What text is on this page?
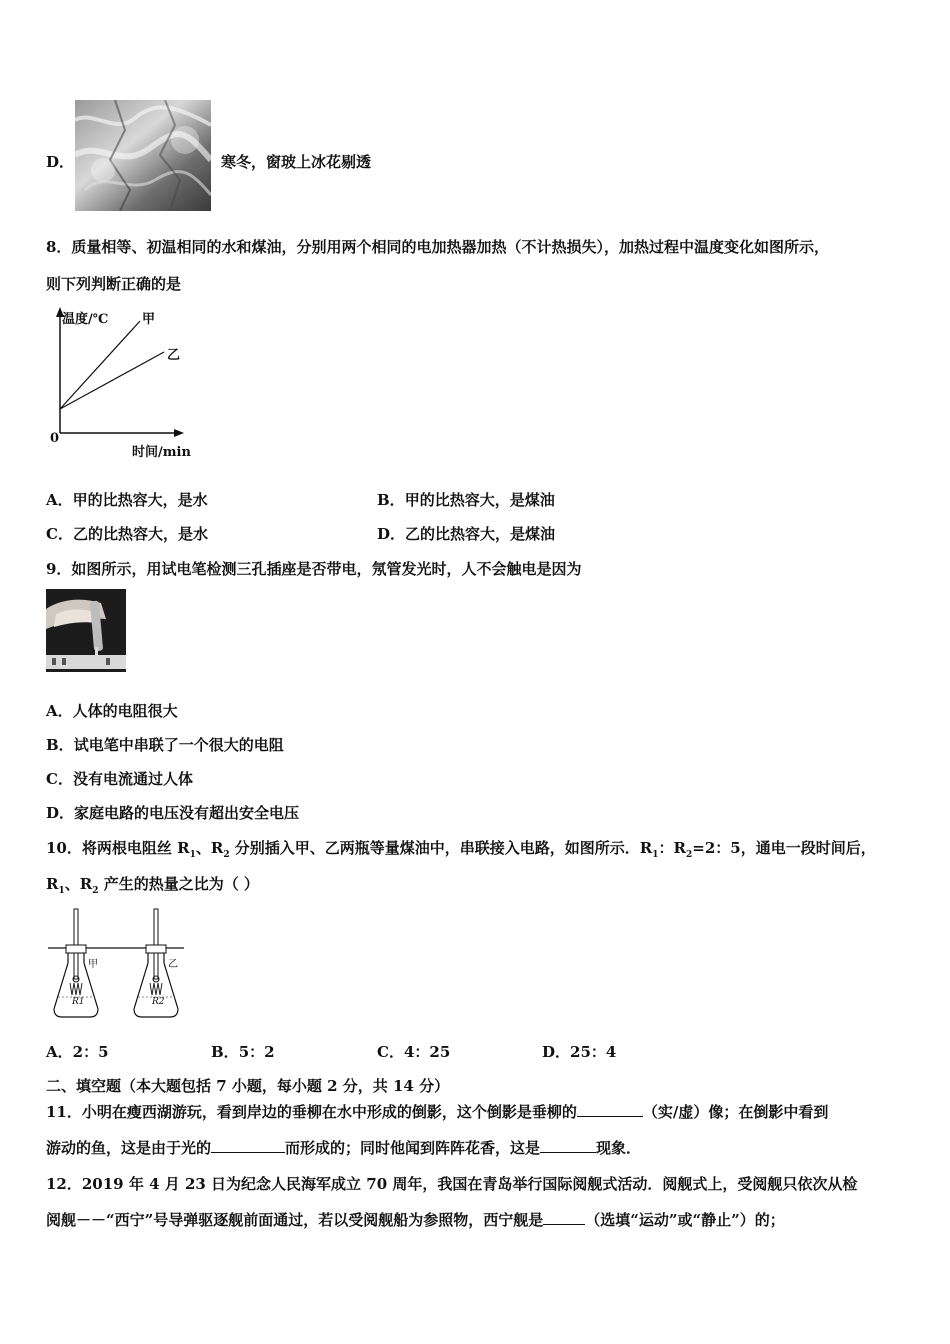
D．	寒冬，窗玻上冰花剔透
8．质量相等、初温相同的水和煤油，分别用两个相同的电加热器加热（不计热损失），加热过程中温度变化如图所示，
则下列判断正确的是
温度/℃	甲
乙
0
时间/min
A．甲的比热容大，是水	B．甲的比热容大，是煤油
C．乙的比热容大，是水	D．乙的比热容大，是煤油
9．如图所示，用试电笔检测三孔插座是否带电，氖管发光时，人不会触电是因为
A．人体的电阻很大
B．试电笔中串联了一个很大的电阻
C．没有电流通过人体
D．家庭电路的电压没有超出安全电压
10．将两根电阻丝 $R_1$、$R_2$ 分别插入甲、乙两瓶等量煤油中，串联接入电路，如图所示．$R_1$：$R_2=2$：5，通电一段时间后，
$R_1$、$R_2$ 产生的热量之比为（ ）
甲	乙
R1	R2
A．2：5	B．5：2	C．4：25	D．25：4
二、填空题（本大题包括 7 小题，每小题 2 分，共 14 分）
11．小明在瘦西湖游玩，看到岸边的垂柳在水中形成的倒影，这个倒影是垂柳的	（实/虚）像；在倒影中看到
游动的鱼，这是由于光的	而形成的；同时他闻到阵阵花香，这是	现象．
12．2019 年 4 月 23 日为纪念人民海军成立 70 周年，我国在青岛举行国际阅舰式活动．阅舰式上，受阅舰只依次从检
阅舰－－“西宁”号导弹驱逐舰前面通过，若以受阅舰船为参照物，西宁舰是	（选填“运动”或“静止”）的；
